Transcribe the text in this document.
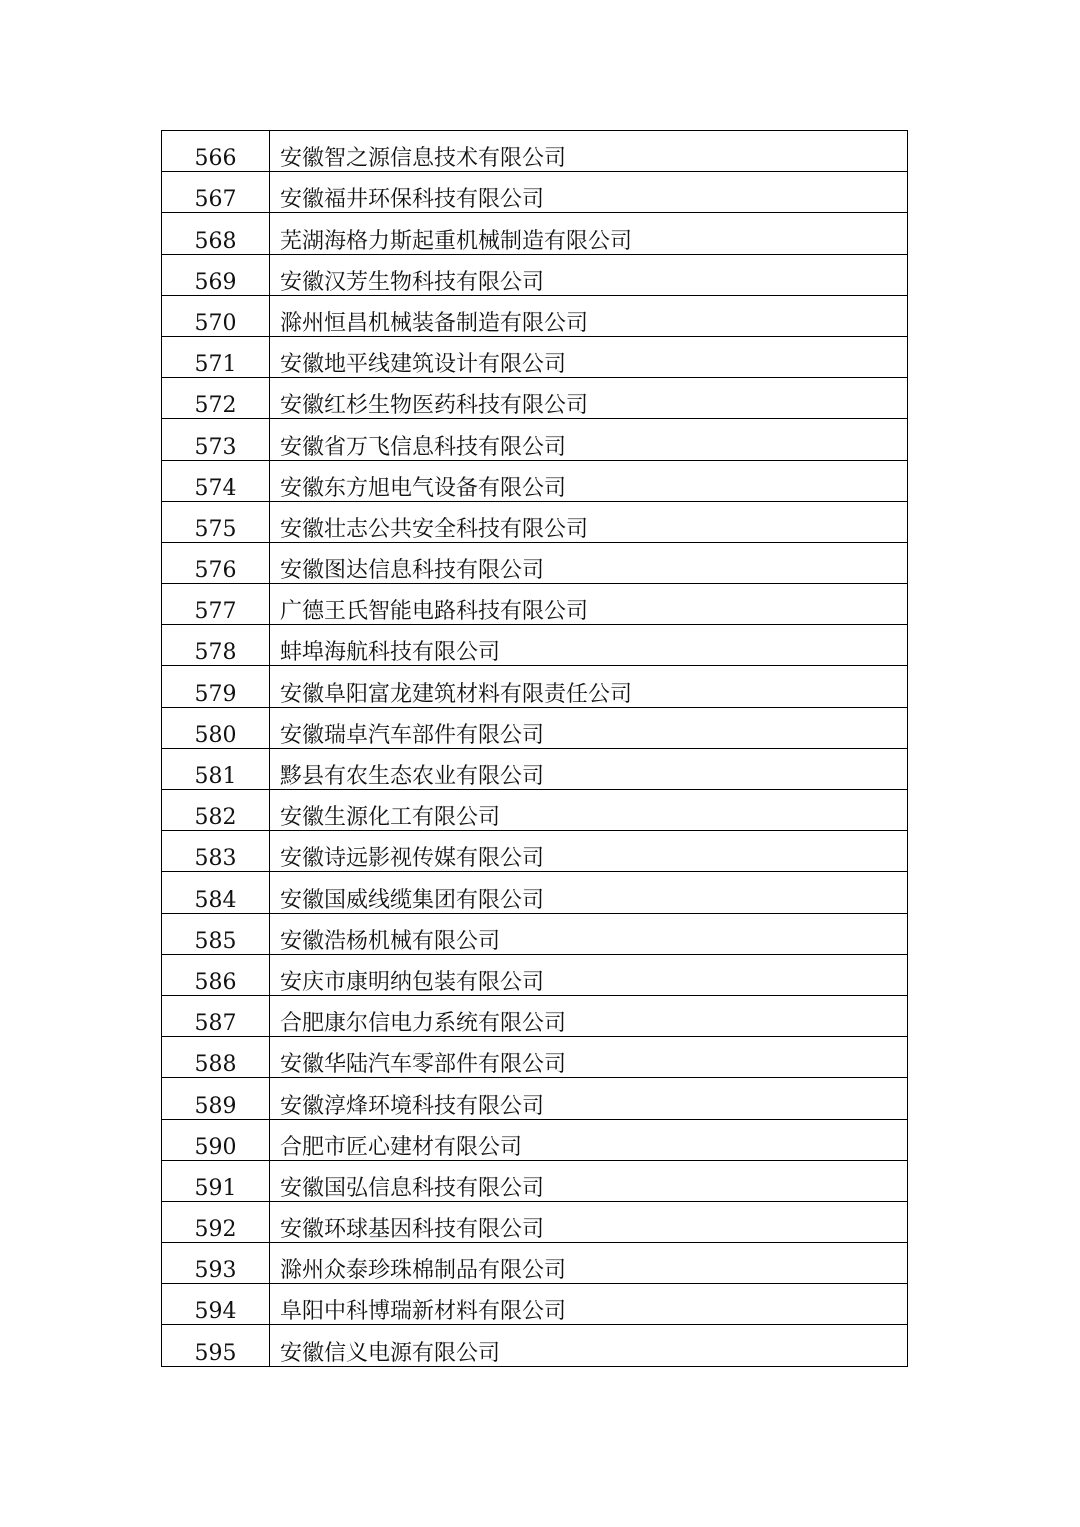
566	安徽智之源信息技术有限公司
567	安徽福井环保科技有限公司
568	芜湖海格力斯起重机械制造有限公司
569	安徽汉芳生物科技有限公司
570	滁州恒昌机械装备制造有限公司
571	安徽地平线建筑设计有限公司
572	安徽红杉生物医药科技有限公司
573	安徽省万飞信息科技有限公司
574	安徽东方旭电气设备有限公司
575	安徽壮志公共安全科技有限公司
576	安徽图达信息科技有限公司
577	广德王氏智能电路科技有限公司
578	蚌埠海航科技有限公司
579	安徽阜阳富龙建筑材料有限责任公司
580	安徽瑞卓汽车部件有限公司
581	黟县有农生态农业有限公司
582	安徽生源化工有限公司
583	安徽诗远影视传媒有限公司
584	安徽国威线缆集团有限公司
585	安徽浩杨机械有限公司
586	安庆市康明纳包装有限公司
587	合肥康尔信电力系统有限公司
588	安徽华陆汽车零部件有限公司
589	安徽淳烽环境科技有限公司
590	合肥市匠心建材有限公司
591	安徽国弘信息科技有限公司
592	安徽环球基因科技有限公司
593	滁州众泰珍珠棉制品有限公司
594	阜阳中科博瑞新材料有限公司
595	安徽信义电源有限公司
